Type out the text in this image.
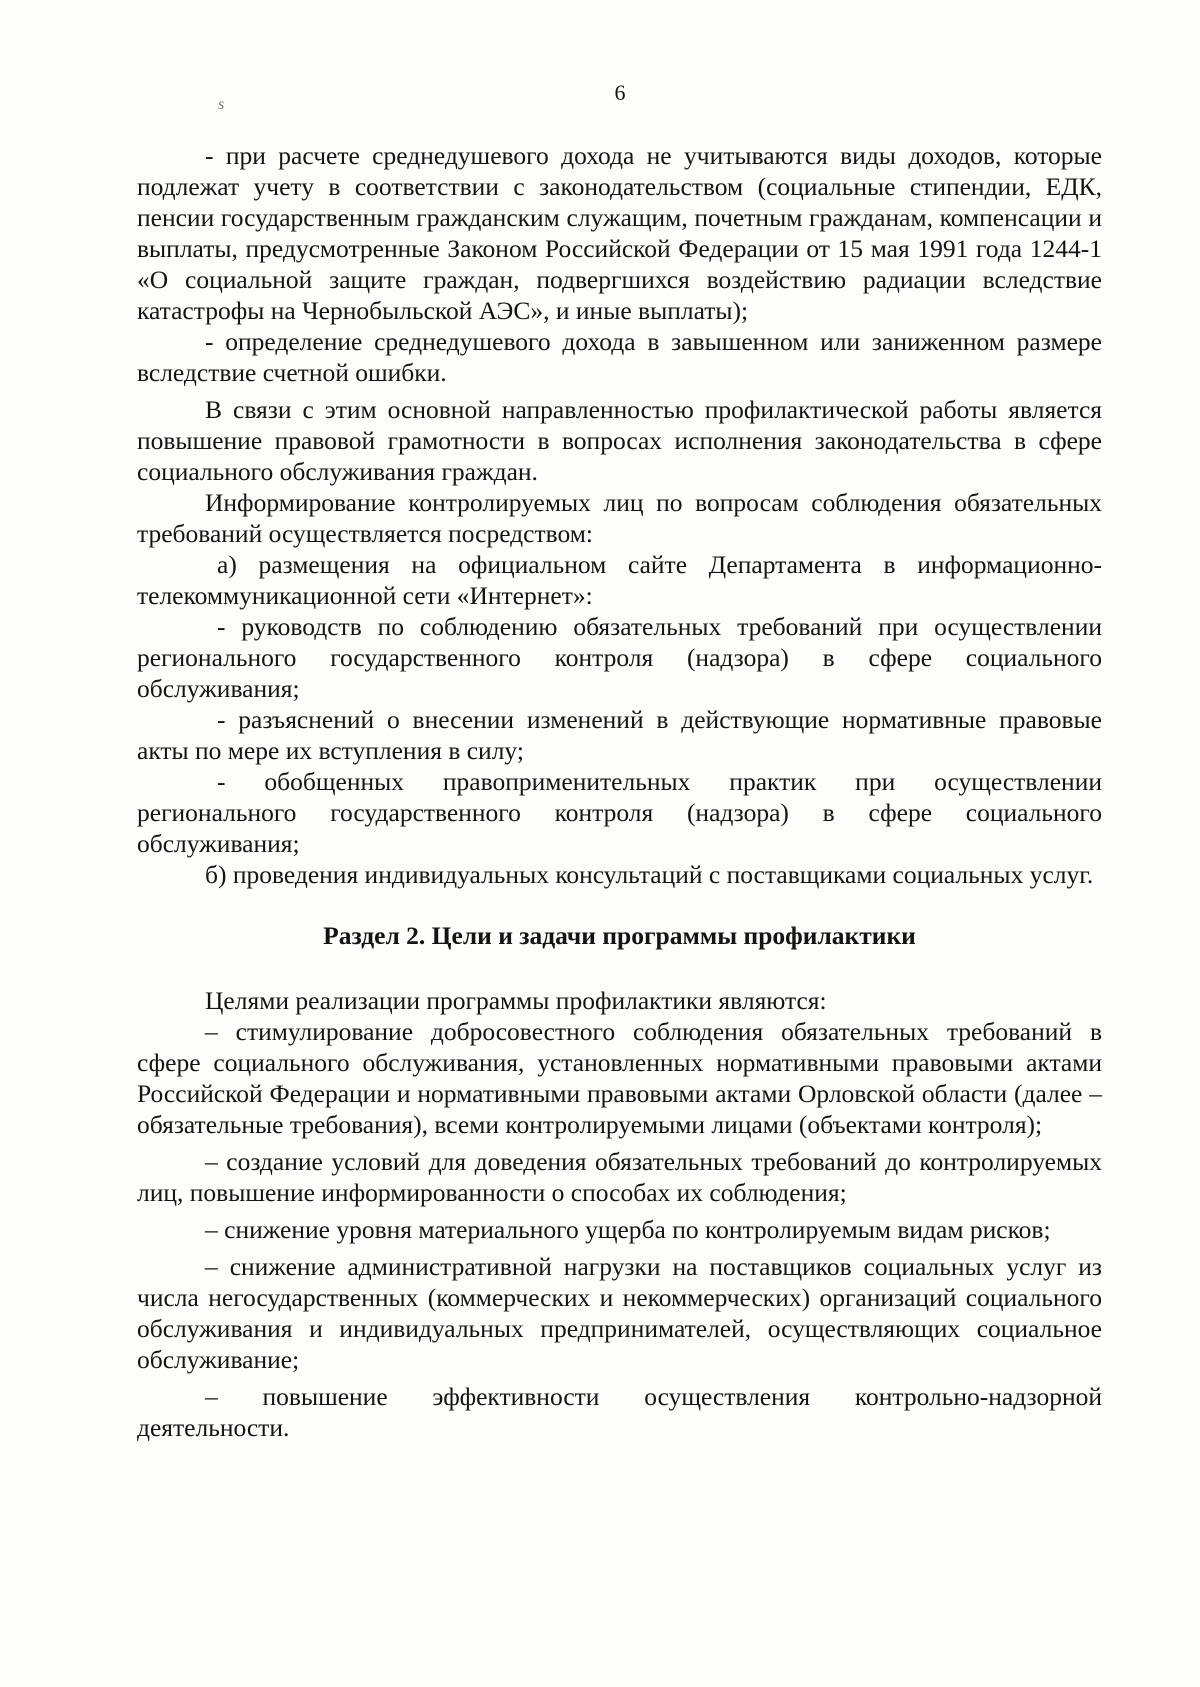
6
ѕ

- при расчете среднедушевого дохода не учитываются виды доходов, которые подлежат учету в соответствии с законодательством (социальные стипендии, ЕДК, пенсии государственным гражданским служащим, почетным гражданам, компенсации и выплаты, предусмотренные Законом Российской Федерации от 15 мая 1991 года 1244-1 «О социальной защите граждан, подвергшихся воздействию радиации вследствие катастрофы на Чернобыльской АЭС», и иные выплаты);

- определение среднедушевого дохода в завышенном или заниженном размере вследствие счетной ошибки.

В связи с этим основной направленностью профилактической работы является повышение правовой грамотности в вопросах исполнения законодательства в сфере социального обслуживания граждан.

Информирование контролируемых лиц по вопросам соблюдения обязательных требований осуществляется посредством:

а) размещения на официальном сайте Департамента в информационно-телекоммуникационной сети «Интернет»:

- руководств по соблюдению обязательных требований при осуществлении регионального государственного контроля (надзора) в сфере социального обслуживания;

- разъяснений о внесении изменений в действующие нормативные правовые акты по мере их вступления в силу;

- обобщенных правоприменительных практик при осуществлении регионального государственного контроля (надзора) в сфере социального обслуживания;

б) проведения индивидуальных консультаций с поставщиками социальных услуг.

Раздел 2. Цели и задачи программы профилактики

Целями реализации программы профилактики являются:

– стимулирование добросовестного соблюдения обязательных требований в сфере социального обслуживания, установленных нормативными правовыми актами Российской Федерации и нормативными правовыми актами Орловской области (далее – обязательные требования), всеми контролируемыми лицами (объектами контроля);

– создание условий для доведения обязательных требований до контролируемых лиц, повышение информированности о способах их соблюдения;

– снижение уровня материального ущерба по контролируемым видам рисков;

– снижение административной нагрузки на поставщиков социальных услуг из числа негосударственных (коммерческих и некоммерческих) организаций социального обслуживания и индивидуальных предпринимателей, осуществляющих социальное обслуживание;

– повышение эффективности осуществления контрольно-надзорной деятельности.
